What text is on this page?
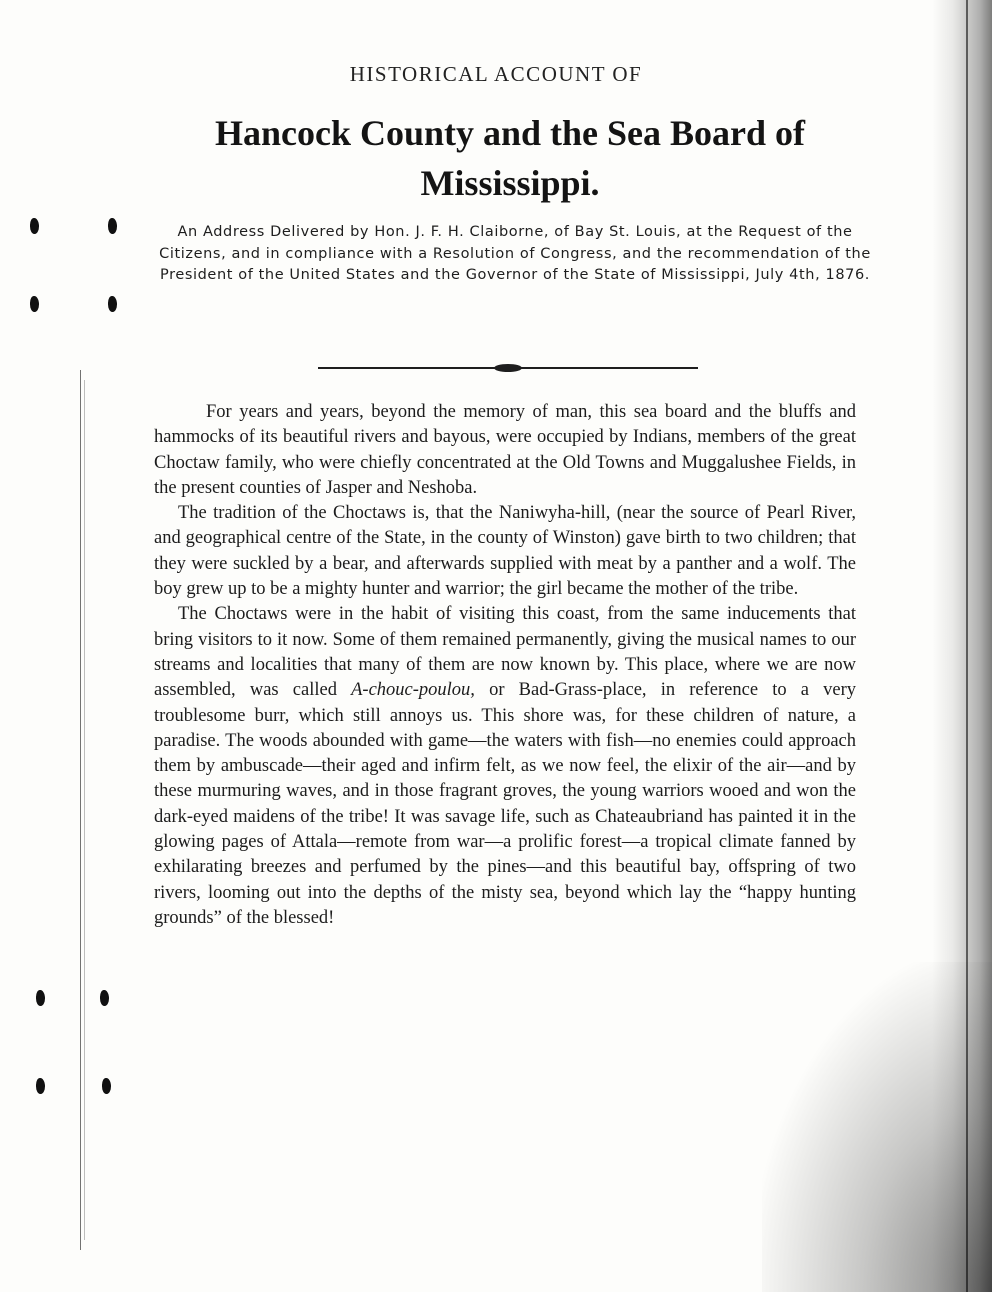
HISTORICAL ACCOUNT OF
Hancock County and the Sea Board of
Mississippi.
An Address Delivered by Hon. J. F. H. Claiborne, of Bay St. Louis, at the Request of the Citizens, and in compliance with a Resolution of Congress, and the recommendation of the President of the United States and the Governor of the State of Mississippi, July 4th, 1876.

For years and years, beyond the memory of man, this sea board and the bluffs and hammocks of its beautiful rivers and bayous, were occupied by Indians, members of the great Choctaw family, who were chiefly concentrated at the Old Towns and Muggalushee Fields, in the present counties of Jasper and Neshoba.

The tradition of the Choctaws is, that the Naniwyha-hill, (near the source of Pearl River, and geographical centre of the State, in the county of Winston) gave birth to two children; that they were suckled by a bear, and afterwards supplied with meat by a panther and a wolf. The boy grew up to be a mighty hunter and warrior; the girl became the mother of the tribe.

The Choctaws were in the habit of visiting this coast, from the same inducements that bring visitors to it now. Some of them remained permanently, giving the musical names to our streams and localities that many of them are now known by. This place, where we are now assembled, was called A-chouc-poulou, or Bad-Grass-place, in reference to a very troublesome burr, which still annoys us. This shore was, for these children of nature, a paradise. The woods abounded with game—the waters with fish—no enemies could approach them by ambuscade—their aged and infirm felt, as we now feel, the elixir of the air—and by these murmuring waves, and in those fragrant groves, the young warriors wooed and won the dark-eyed maidens of the tribe! It was savage life, such as Chateaubriand has painted it in the glowing pages of Attala—remote from war—a prolific forest—a tropical climate fanned by exhilarating breezes and perfumed by the pines—and this beautiful bay, offspring of two rivers, looming out into the depths of the misty sea, beyond which lay the “happy hunting grounds” of the blessed!
